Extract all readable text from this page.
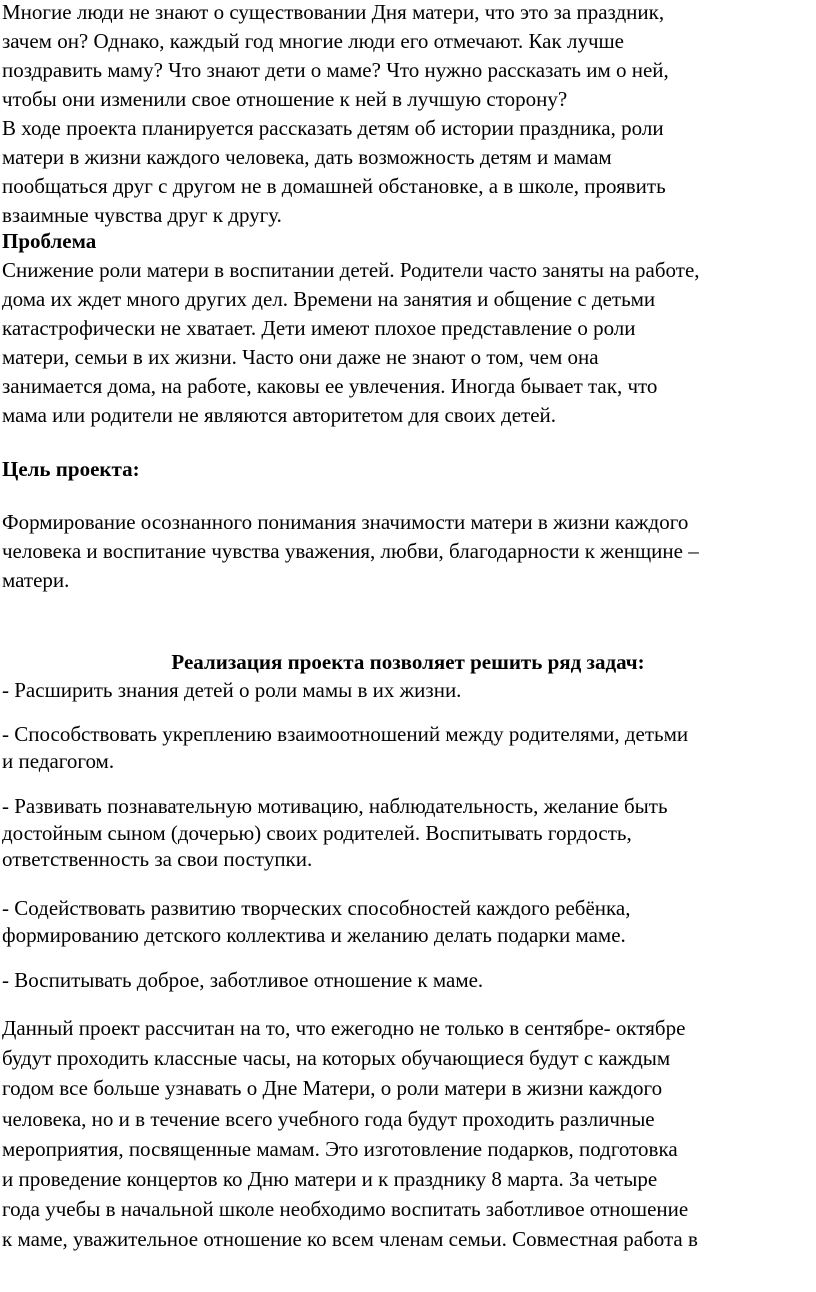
Многие люди не знают о существовании Дня матери, что это за праздник,
зачем он? Однако, каждый год многие люди его отмечают. Как лучше
поздравить маму? Что знают дети о маме? Что нужно рассказать им о ней,
чтобы они изменили свое отношение к ней в лучшую сторону?
В ходе проекта планируется рассказать детям об истории праздника, роли
матери в жизни каждого человека, дать возможность детям и мамам
пообщаться друг с другом не в домашней обстановке, а в школе, проявить
взаимные чувства друг к другу.
Проблема
Снижение роли матери в воспитании детей. Родители часто заняты на работе,
дома их ждет много других дел. Времени на занятия и общение с детьми
катастрофически не хватает. Дети имеют плохое представление о роли
матери, семьи в их жизни. Часто они даже не знают о том, чем она
занимается дома, на работе, каковы ее увлечения. Иногда бывает так, что
мама или родители не являются авторитетом для своих детей.
Цель проекта:
Формирование осознанного понимания значимости матери в жизни каждого
человека и воспитание чувства уважения, любви, благодарности к женщине –
матери.
Реализация проекта позволяет решить ряд задач:
- Расширить знания детей о роли мамы в их жизни.
- Способствовать укреплению взаимоотношений между родителями, детьми
и педагогом.
- Развивать познавательную мотивацию, наблюдательность, желание быть
достойным сыном (дочерью) своих родителей. Воспитывать гордость,
ответственность за свои поступки.
- Содействовать развитию творческих способностей каждого ребёнка,
формированию детского коллектива и желанию делать подарки маме.
- Воспитывать доброе, заботливое отношение к маме.
Данный проект рассчитан на то, что ежегодно не только в сентябре- октябре
будут проходить классные часы, на которых обучающиеся будут с каждым
годом все больше узнавать о Дне Матери, о роли матери в жизни каждого
человека, но и в течение всего учебного года будут проходить различные
мероприятия, посвященные мамам. Это изготовление подарков, подготовка
и проведение концертов ко Дню матери и к празднику 8 марта. За четыре
года учебы в начальной школе необходимо воспитать заботливое отношение
к маме, уважительное отношение ко всем членам семьи. Совместная работа в
